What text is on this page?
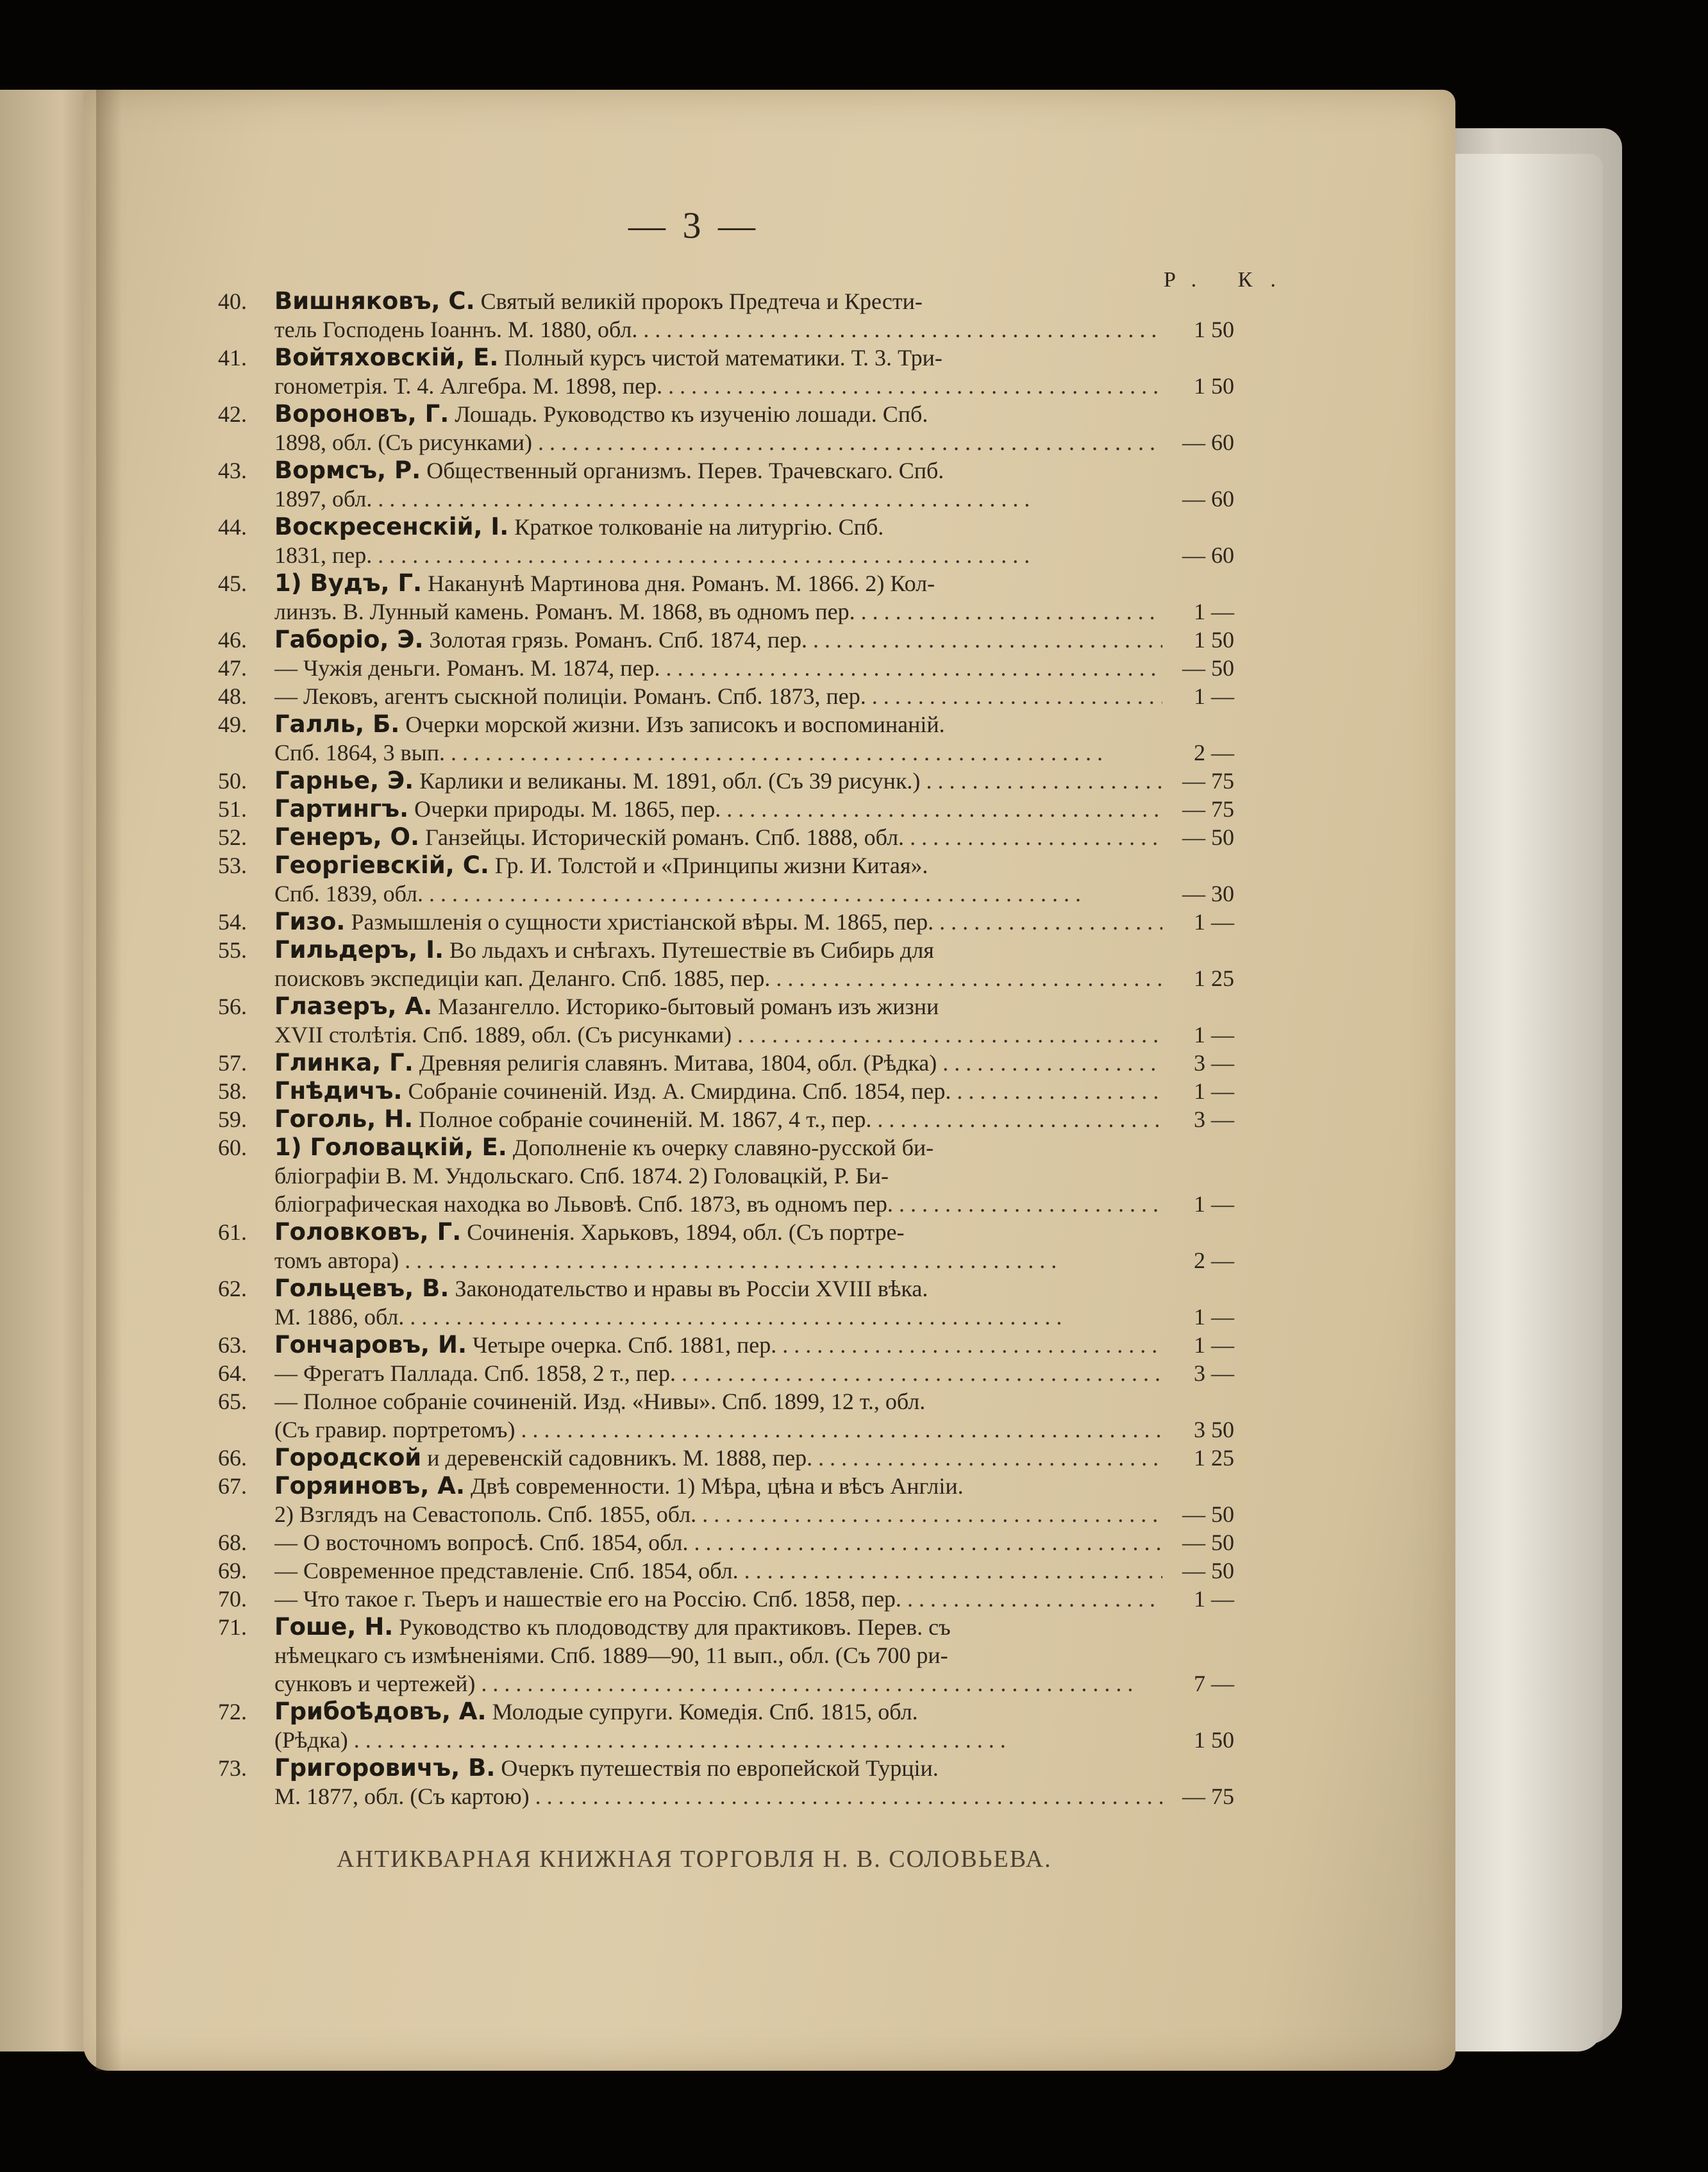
— 3 —
Р. К.
40.	Вишняковъ, С. Святый великій пророкъ Предтеча и Крести-
тель Господень Іоаннъ. М. 1880, обл. . . .	1 50
41.	Войтяховскій, Е. Полный курсъ чистой математики. Т. 3. Три-
гонометрія. Т. 4. Алгебра. М. 1898, пер. . . .	1 50
42.	Вороновъ, Г. Лошадь. Руководство къ изученію лошади. Спб.
1898, обл. (Съ рисунками) . . .	— 60
43.	Вормсъ, Р. Общественный организмъ. Перев. Трачевскаго. Спб.
1897, обл. . . .	— 60
44.	Воскресенскій, І. Краткое толкованіе на литургію. Спб.
1831, пер. . . .	— 60
45.	1) Вудъ, Г. Наканунѣ Мартинова дня. Романъ. М. 1866. 2) Кол-
линзъ. В. Лунный камень. Романъ. М. 1868, въ одномъ пер. . . .	1 —
46.	Габоріо, Э. Золотая грязь. Романъ. Спб. 1874, пер. . . .	1 50
47.	— Чужія деньги. Романъ. М. 1874, пер. . . .	— 50
48.	— Лековъ, агентъ сыскной полиціи. Романъ. Спб. 1873, пер. . . .	1 —
49.	Галль, Б. Очерки морской жизни. Изъ записокъ и воспоминаній.
Спб. 1864, 3 вып. . . .	2 —
50.	Гарнье, Э. Карлики и великаны. М. 1891, обл. (Съ 39 рисунк.) . . .	— 75
51.	Гартингъ. Очерки природы. М. 1865, пер. . . .	— 75
52.	Генеръ, О. Ганзейцы. Историческій романъ. Спб. 1888, обл. . . .	— 50
53.	Георгіевскій, С. Гр. И. Толстой и «Принципы жизни Китая».
Спб. 1839, обл. . . .	— 30
54.	Гизо. Размышленія о сущности христіанской вѣры. М. 1865, пер. . . .	1 —
55.	Гильдеръ, І. Во льдахъ и снѣгахъ. Путешествіе въ Сибирь для
поисковъ экспедиціи кап. Деланго. Спб. 1885, пер. . . .	1 25
56.	Глазеръ, А. Мазангелло. Историко-бытовый романъ изъ жизни
XVII столѣтія. Спб. 1889, обл. (Съ рисунками) . . .	1 —
57.	Глинка, Г. Древняя религія славянъ. Митава, 1804, обл. (Рѣдка) . . .	3 —
58.	Гнѣдичъ. Собраніе сочиненій. Изд. А. Смирдина. Спб. 1854, пер. . . .	1 —
59.	Гоголь, Н. Полное собраніе сочиненій. М. 1867, 4 т., пер. . . .	3 —
60.	1) Головацкій, Е. Дополненіе къ очерку славяно-русской би-
бліографіи В. М. Ундольскаго. Спб. 1874. 2) Головацкій, Р. Би-
бліографическая находка во Львовѣ. Спб. 1873, въ одномъ пер. . . .	1 —
61.	Головковъ, Г. Сочиненія. Харьковъ, 1894, обл. (Съ портре-
томъ автора) . . .	2 —
62.	Гольцевъ, В. Законодательство и нравы въ Россіи XVIII вѣка.
М. 1886, обл. . . .	1 —
63.	Гончаровъ, И. Четыре очерка. Спб. 1881, пер. . . .	1 —
64.	— Фрегатъ Паллада. Спб. 1858, 2 т., пер. . . .	3 —
65.	— Полное собраніе сочиненій. Изд. «Нивы». Спб. 1899, 12 т., обл.
(Съ гравир. портретомъ) . . .	3 50
66.	Городской и деревенскій садовникъ. М. 1888, пер. . . .	1 25
67.	Горяиновъ, А. Двѣ современности. 1) Мѣра, цѣна и вѣсъ Англіи.
2) Взглядъ на Севастополь. Спб. 1855, обл. . . .	— 50
68.	— О восточномъ вопросѣ. Спб. 1854, обл. . . .	— 50
69.	— Современное представленіе. Спб. 1854, обл. . . .	— 50
70.	— Что такое г. Тьеръ и нашествіе его на Россію. Спб. 1858, пер. . . .	1 —
71.	Гоше, Н. Руководство къ плодоводству для практиковъ. Перев. съ
нѣмецкаго съ измѣненіями. Спб. 1889—90, 11 вып., обл. (Съ 700 ри-
сунковъ и чертежей) . . .	7 —
72.	Грибоѣдовъ, А. Молодые супруги. Комедія. Спб. 1815, обл.
(Рѣдка) . . .	1 50
73.	Григоровичъ, В. Очеркъ путешествія по европейской Турціи.
М. 1877, обл. (Съ картою) . . .	— 75
АНТИКВАРНАЯ КНИЖНАЯ ТОРГОВЛЯ Н. В. СОЛОВЬЕВА.
